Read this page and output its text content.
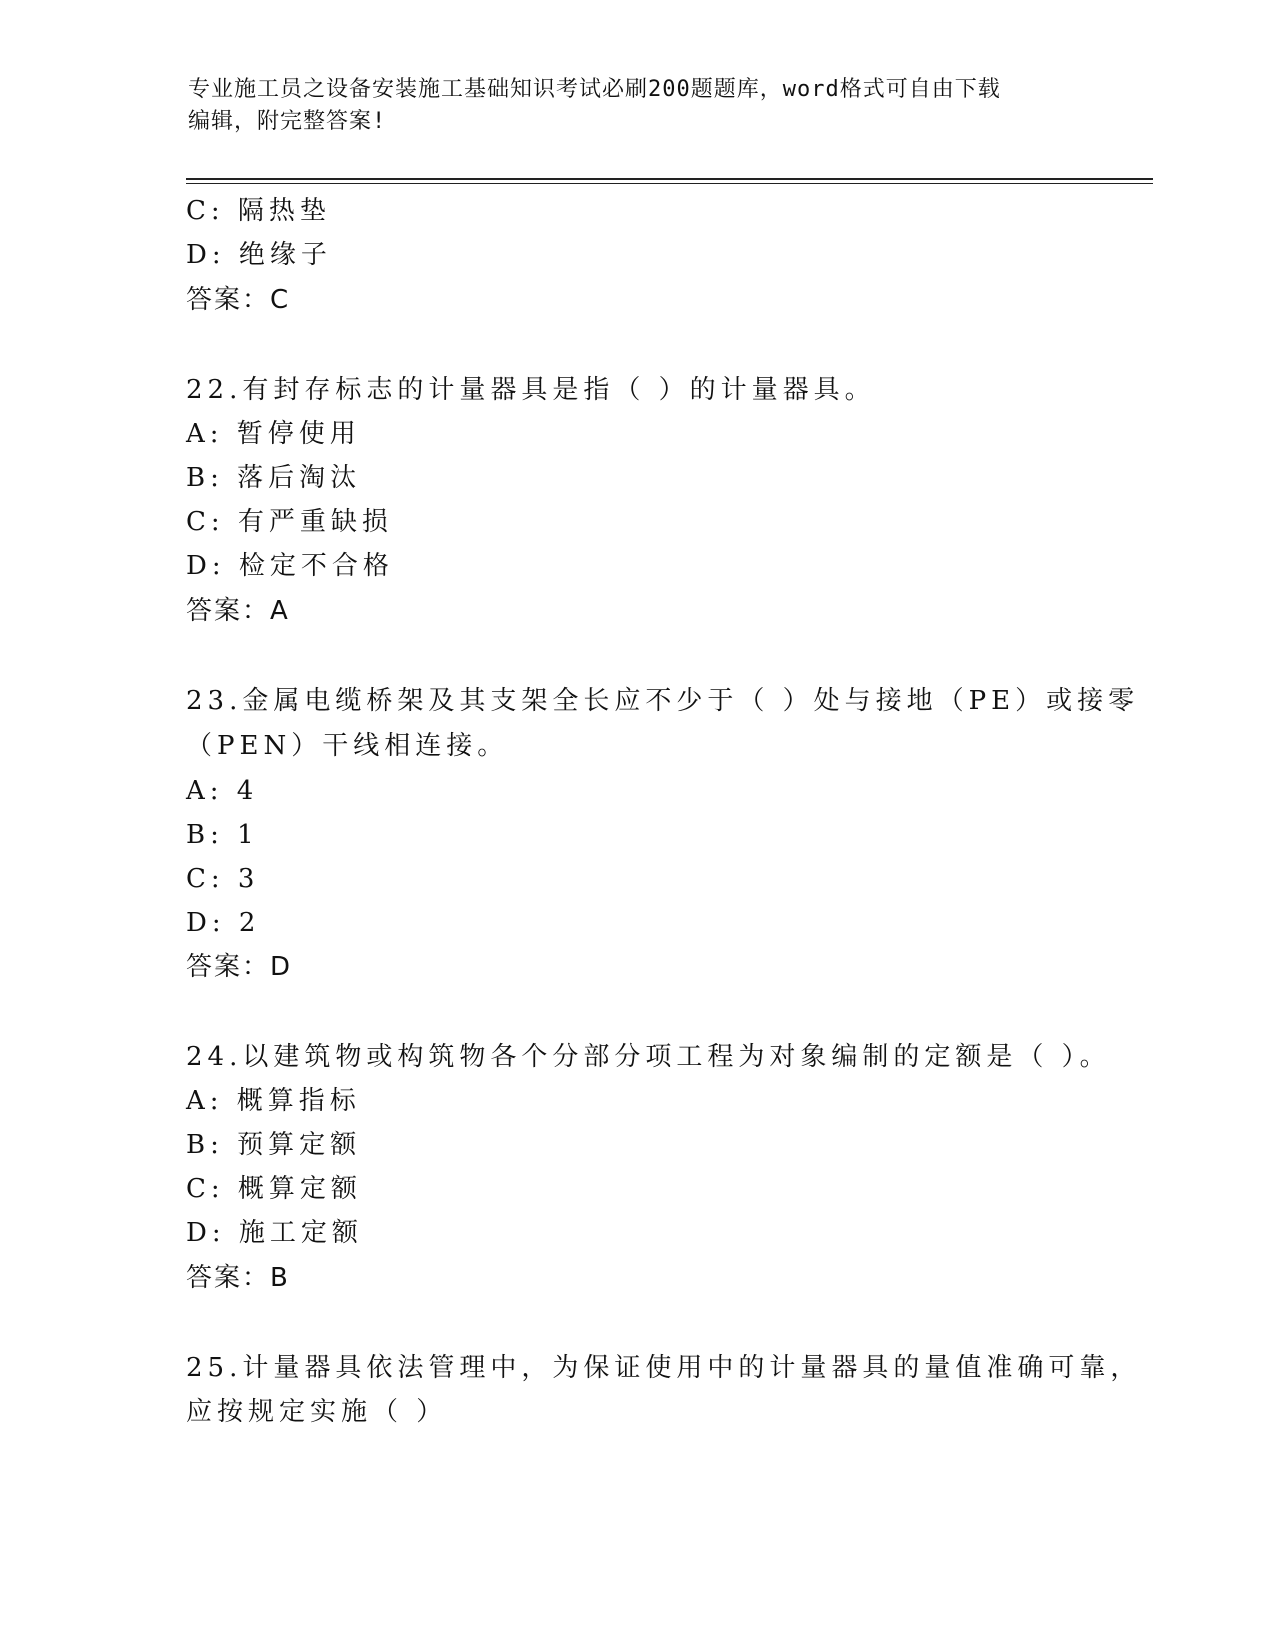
专业施工员之设备安装施工基础知识考试必刷200题题库，word格式可自由下载
编辑，附完整答案!
C: 隔热垫
D: 绝缘子
答案：C
22.有封存标志的计量器具是指（ ）的计量器具。
A: 暂停使用
B: 落后淘汰
C: 有严重缺损
D: 检定不合格
答案：A
23.金属电缆桥架及其支架全长应不少于（ ）处与接地（PE）或接零
（PEN）干线相连接。
A: 4
B: 1
C: 3
D: 2
答案：D
24.以建筑物或构筑物各个分部分项工程为对象编制的定额是（ ）。
A: 概算指标
B: 预算定额
C: 概算定额
D: 施工定额
答案：B
25.计量器具依法管理中，为保证使用中的计量器具的量值准确可靠，
应按规定实施（ ）
